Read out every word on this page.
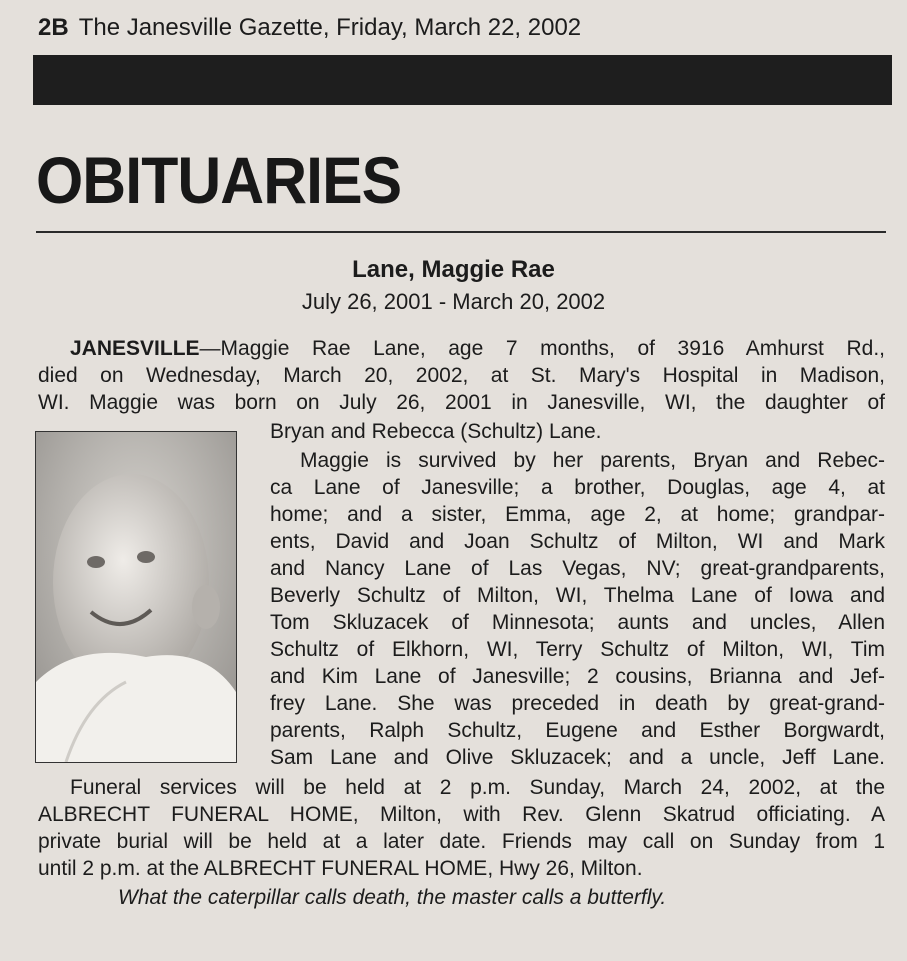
2B The Janesville Gazette, Friday, March 22, 2002
OBITUARIES
Lane, Maggie Rae
July 26, 2001 - March 20, 2002
JANESVILLE—Maggie Rae Lane, age 7 months, of 3916 Amhurst Rd.,
died on Wednesday, March 20, 2002, at St. Mary's Hospital in Madison,
WI. Maggie was born on July 26, 2001 in Janesville, WI, the daughter of
Bryan and Rebecca (Schultz) Lane.
Maggie is survived by her parents, Bryan and Rebec-
ca Lane of Janesville; a brother, Douglas, age 4, at
home; and a sister, Emma, age 2, at home; grandpar-
ents, David and Joan Schultz of Milton, WI and Mark
and Nancy Lane of Las Vegas, NV; great-grandparents,
Beverly Schultz of Milton, WI, Thelma Lane of Iowa and
Tom Skluzacek of Minnesota; aunts and uncles, Allen
Schultz of Elkhorn, WI, Terry Schultz of Milton, WI, Tim
and Kim Lane of Janesville; 2 cousins, Brianna and Jef-
frey Lane. She was preceded in death by great-grand-
parents, Ralph Schultz, Eugene and Esther Borgwardt,
Sam Lane and Olive Skluzacek; and a uncle, Jeff Lane.
Funeral services will be held at 2 p.m. Sunday, March 24, 2002, at the
ALBRECHT FUNERAL HOME, Milton, with Rev. Glenn Skatrud officiating. A
private burial will be held at a later date. Friends may call on Sunday from 1
until 2 p.m. at the ALBRECHT FUNERAL HOME, Hwy 26, Milton.
What the caterpillar calls death, the master calls a butterfly.
